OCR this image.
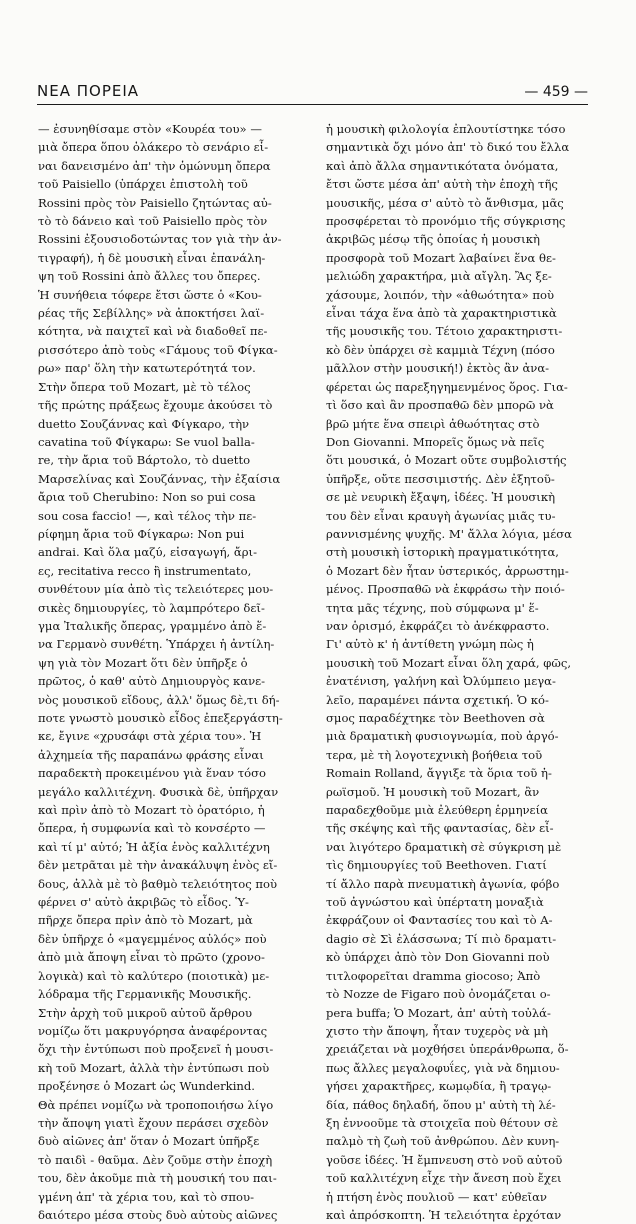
ΝΕΑ ΠΟΡΕΙΑ	— 459 —
— ἐσυνηθίσαμε στὸν «Κουρέα του» —
μιὰ ὄπερα ὅπου ὁλάκερο τὸ σενάριο εἶ-
ναι δανεισμένο ἀπ' τὴν ὁμώνυμη ὄπερα
τοῦ Paisiello (ὑπάρχει ἐπιστολὴ τοῦ
Rossini πρὸς τὸν Paisiello ζητώντας αὐ-
τὸ τὸ δάνειο καὶ τοῦ Paisiello πρὸς τὸν
Rossini ἐξουσιοδοτώντας τον γιὰ τὴν ἀν-
τιγραφή), ἡ δὲ μουσικὴ εἶναι ἐπανάλη-
ψη τοῦ Rossini ἀπὸ ἄλλες του ὄπερες.
Ἡ συνήθεια τόφερε ἔτσι ὥστε ὁ «Κου-
ρέας τῆς Σεβίλλης» νὰ ἀποκτήσει λαϊ-
κότητα, νὰ παιχτεῖ καὶ νὰ διαδοθεῖ πε-
ρισσότερο ἀπὸ τοὺς «Γάμους τοῦ Φίγκα-
ρω» παρ' ὅλη τὴν κατωτερότητά τον.
Στὴν ὄπερα τοῦ Mozart, μὲ τὸ τέλος
τῆς πρώτης πράξεως ἔχουμε ἀκούσει τὸ
duetto Σουζάννας καὶ Φίγκαρο, τὴν
cavatina τοῦ Φίγκαρω: Se vuol balla-
re, τὴν ἄρια τοῦ Βάρτολο, τὸ duetto
Μαρσελίνας καὶ Σουζάννας, τὴν ἐξαίσια
ἄρια τοῦ Cherubino: Non so pui cosa
sou cosa faccio! —, καὶ τέλος τὴν πε-
ρίφημη ἄρια τοῦ Φίγκαρω: Non pui
andrai. Καὶ ὅλα μαζύ, εἰσαγωγή, ἄρι-
ες, recitativa recco ἢ instrumentato,
συνθέτουν μία ἀπὸ τὶς τελειότερες μου-
σικὲς δημιουργίες, τὸ λαμπρότερο δεῖ-
γμα Ἰταλικῆς ὄπερας, γραμμένο ἀπὸ ἕ-
να Γερμανὸ συνθέτη. Ὑπάρχει ἡ ἀντίλη-
ψη γιὰ τὸν Mozart ὅτι δὲν ὑπῆρξε ὁ
πρῶτος, ὁ καθ' αὐτὸ Δημιουργὸς κανε-
νὸς μουσικοῦ εἴδους, ἀλλ' ὅμως δὲ,τι δή-
ποτε γνωστὸ μουσικὸ εἶδος ἐπεξεργάστη-
κε, ἔγινε «χρυσάφι στὰ χέρια του». Ἡ
ἀλχημεία τῆς παραπάνω φράσης εἶναι
παραδεκτὴ προκειμένου γιὰ ἕναν τόσο
μεγάλο καλλιτέχνη. Φυσικὰ δὲ, ὑπῆρχαν
καὶ πρὶν ἀπὸ τὸ Mozart τὸ ὀρατόριο, ἡ
ὄπερα, ἡ συμφωνία καὶ τὸ κονσέρτο —
καὶ τί μ' αὐτό; Ἡ ἀξία ἑνὸς καλλιτέχνη
δὲν μετρᾶται μὲ τὴν ἀνακάλυψη ἑνὸς εἴ-
δους, ἀλλὰ μὲ τὸ βαθμὸ τελειότητος ποὺ
φέρνει σ' αὐτὸ ἀκριβῶς τὸ εἶδος. Ὑ-
πῆρχε ὄπερα πρὶν ἀπὸ τὸ Mozart, μὰ
δὲν ὑπῆρχε ὁ «μαγεμμένος αὐλός» ποὺ
ἀπὸ μιὰ ἄποψη εἶναι τὸ πρῶτο (χρονο-
λογικὰ) καὶ τὸ καλύτερο (ποιοτικὰ) με-
λόδραμα τῆς Γερμανικῆς Μουσικῆς.
Στὴν ἀρχὴ τοῦ μικροῦ αὐτοῦ ἄρθρου
νομίζω ὅτι μακρυγόρησα ἀναφέροντας
ὅχι τὴν ἐντύπωσι ποὺ προξενεῖ ἡ μουσι-
κὴ τοῦ Mozart, ἀλλὰ τὴν ἐντύπωσι ποὺ
προξένησε ὁ Mozart ὡς Wunderkind.
Θὰ πρέπει νομίζω νὰ τροποποιήσω λίγο
τὴν ἄποψη γιατὶ ἔχουν περάσει σχεδὸν
δυὸ αἰῶνες ἀπ' ὅταν ὁ Mozart ὑπῆρξε
τὸ παιδὶ - θαῦμα. Δὲν ζοῦμε στὴν ἐποχὴ
του, δὲν ἀκοῦμε πιὰ τὴ μουσική του παι-
γμένη ἀπ' τὰ χέρια του, καὶ τὸ σπου-
δαιότερο μέσα στοὺς δυὸ αὐτοὺς αἰῶνες
ἡ μουσικὴ φιλολογία ἐπλουτίστηκε τόσο
σημαντικὰ ὄχι μόνο ἀπ' τὸ δικό του ἔλλα
καὶ ἀπὸ ἄλλα σημαντικότατα ὀνόματα,
ἔτσι ὥστε μέσα ἀπ' αὐτὴ τὴν ἐποχὴ τῆς
μουσικῆς, μέσα σ' αὐτὸ τὸ ἄνθισμα, μᾶς
προσφέρεται τὸ προνόμιο τῆς σύγκρισης
ἀκριβῶς μέσῳ τῆς ὁποίας ἡ μουσικὴ
προσφορὰ τοῦ Mozart λαβαίνει ἕνα θε-
μελιώδη χαρακτήρα, μιὰ αἴγλη. Ἂς ξε-
χάσουμε, λοιπόν, τὴν «ἀθωότητα» ποὺ
εἶναι τάχα ἕνα ἀπὸ τὰ χαρακτηριστικὰ
τῆς μουσικῆς του. Τέτοιο χαρακτηριστι-
κὸ δὲν ὑπάρχει σὲ καμμιὰ Τέχνη (πόσο
μᾶλλον στὴν μουσική!) ἐκτὸς ἂν ἀνα-
φέρεται ὡς παρεξηγημενμένος ὅρος. Για-
τὶ ὅσο καὶ ἂν προσπαθῶ δὲν μπορῶ νὰ
βρῶ μήτε ἕνα σπειρὶ ἀθωότητας στὸ
Don Giovanni. Μπορεῖς ὅμως νὰ πεῖς
ὅτι μουσικά, ὁ Mozart οὔτε συμβολιστής
ὑπῆρξε, οὔτε πεσσιμιστής. Δὲν ἐξητοῦ-
σε μὲ νευρικὴ ἔξαψη, ἰδέες. Ἡ μουσικὴ
του δὲν εἶναι κραυγὴ ἀγωνίας μιᾶς τυ-
ραννισμένης ψυχῆς. Μ' ἄλλα λόγια, μέσα
στὴ μουσικὴ ἱστορικὴ πραγματικότητα,
ὁ Mozart δὲν ἦταν ὑστερικός, ἀρρωστημ-
μένος. Προσπαθῶ νὰ ἐκφράσω τὴν ποιό-
τητα μᾶς τέχνης, ποὺ σύμφωνα μ' ἕ-
ναν ὁρισμό, ἐκφράζει τὸ ἀνέκφραστο.
Γι' αὐτὸ κ' ἡ ἀντίθετη γνώμη πὼς ἡ
μουσικὴ τοῦ Mozart εἶναι ὅλη χαρά, φῶς,
ἐνατένιση, γαλήνη καὶ Ὀλύμπειο μεγα-
λεῖο, παραμένει πάντα σχετική. Ὁ κό-
σμος παραδέχτηκε τὸν Beethoven σὰ
μιὰ δραματικὴ φυσιογνωμία, ποὺ ἀργό-
τερα, μὲ τὴ λογοτεχνικὴ βοήθεια τοῦ
Romain Rolland, ἄγγιξε τὰ ὅρια τοῦ ἡ-
ρωϊσμοῦ. Ἡ μουσικὴ τοῦ Mozart, ἂν
παραδεχθοῦμε μιὰ ἐλεύθερη ἑρμηνεία
τῆς σκέψης καὶ τῆς φαντασίας, δὲν εἶ-
ναι λιγότερο δραματικὴ σὲ σύγκριση μὲ
τὶς δημιουργίες τοῦ Beethoven. Γιατί
τί ἄλλο παρὰ πνευματικὴ ἀγωνία, φόβο
τοῦ ἀγνώστου καὶ ὑπέρτατη μοναξιὰ
ἐκφράζουν οἱ Φαντασίες του καὶ τὸ Α-
dagio σὲ Σὶ ἐλάσσωνα; Τί πιὸ δραματι-
κὸ ὑπάρχει ἀπὸ τὸν Don Giovanni ποὺ
τιτλοφορεῖται dramma giocoso; Ἀπὸ
τὸ Nozze de Figaro ποὺ ὀνομάζεται ο-
pera buffa; Ὁ Mozart, ἀπ' αὐτὴ τοὐλά-
χιστο τὴν ἄποψη, ἦταν τυχερὸς νὰ μὴ
χρειάζεται νὰ μοχθήσει ὑπεράνθρωπα, ὅ-
πως ἄλλες μεγαλοφυΐες, γιὰ νὰ δημιου-
γήσει χαρακτῆρες, κωμῳδία, ἢ τραγῳ-
δία, πάθος δηλαδή, ὅπου μ' αὐτὴ τὴ λέ-
ξη ἐννοοῦμε τὰ στοιχεῖα ποὺ θέτουν σὲ
παλμὸ τὴ ζωὴ τοῦ ἀνθρώπου. Δὲν κυνη-
γοῦσε ἰδέες. Ἡ ἔμπνευση στὸ νοῦ αὐτοῦ
τοῦ καλλιτέχνη εἶχε τὴν ἄνεση ποὺ ἔχει
ἡ πτήση ἑνὸς πουλιοῦ — κατ' εὐθεῖαν
καὶ ἀπρόσκοπτη. Ἡ τελειότητα ἐρχόταν
